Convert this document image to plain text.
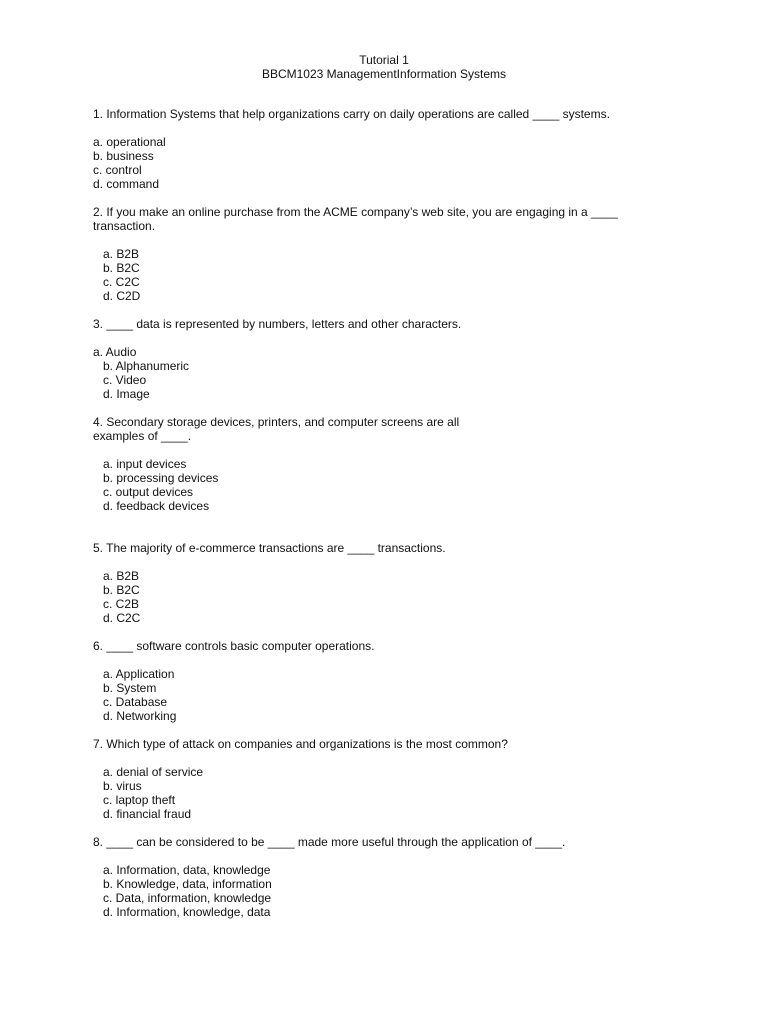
Tutorial 1
BBCM1023 ManagementInformation Systems
1. Information Systems that help organizations carry on daily operations are called ____ systems.
a. operational
b. business
c. control
d. command
2. If you make an online purchase from the ACME company’s web site, you are engaging in a ____
transaction.
a. B2B
b. B2C
c. C2C
d. C2D
3. ____ data is represented by numbers, letters and other characters.
a. Audio
b. Alphanumeric
c. Video
d. Image
4. Secondary storage devices, printers, and computer screens are all
examples of ____.
a. input devices
b. processing devices
c. output devices
d. feedback devices
5. The majority of e-commerce transactions are ____ transactions.
a. B2B
b. B2C
c. C2B
d. C2C
6. ____ software controls basic computer operations.
a. Application
b. System
c. Database
d. Networking
7. Which type of attack on companies and organizations is the most common?
a. denial of service
b. virus
c. laptop theft
d. financial fraud
8. ____ can be considered to be ____ made more useful through the application of ____.
a. Information, data, knowledge
b. Knowledge, data, information
c. Data, information, knowledge
d. Information, knowledge, data
